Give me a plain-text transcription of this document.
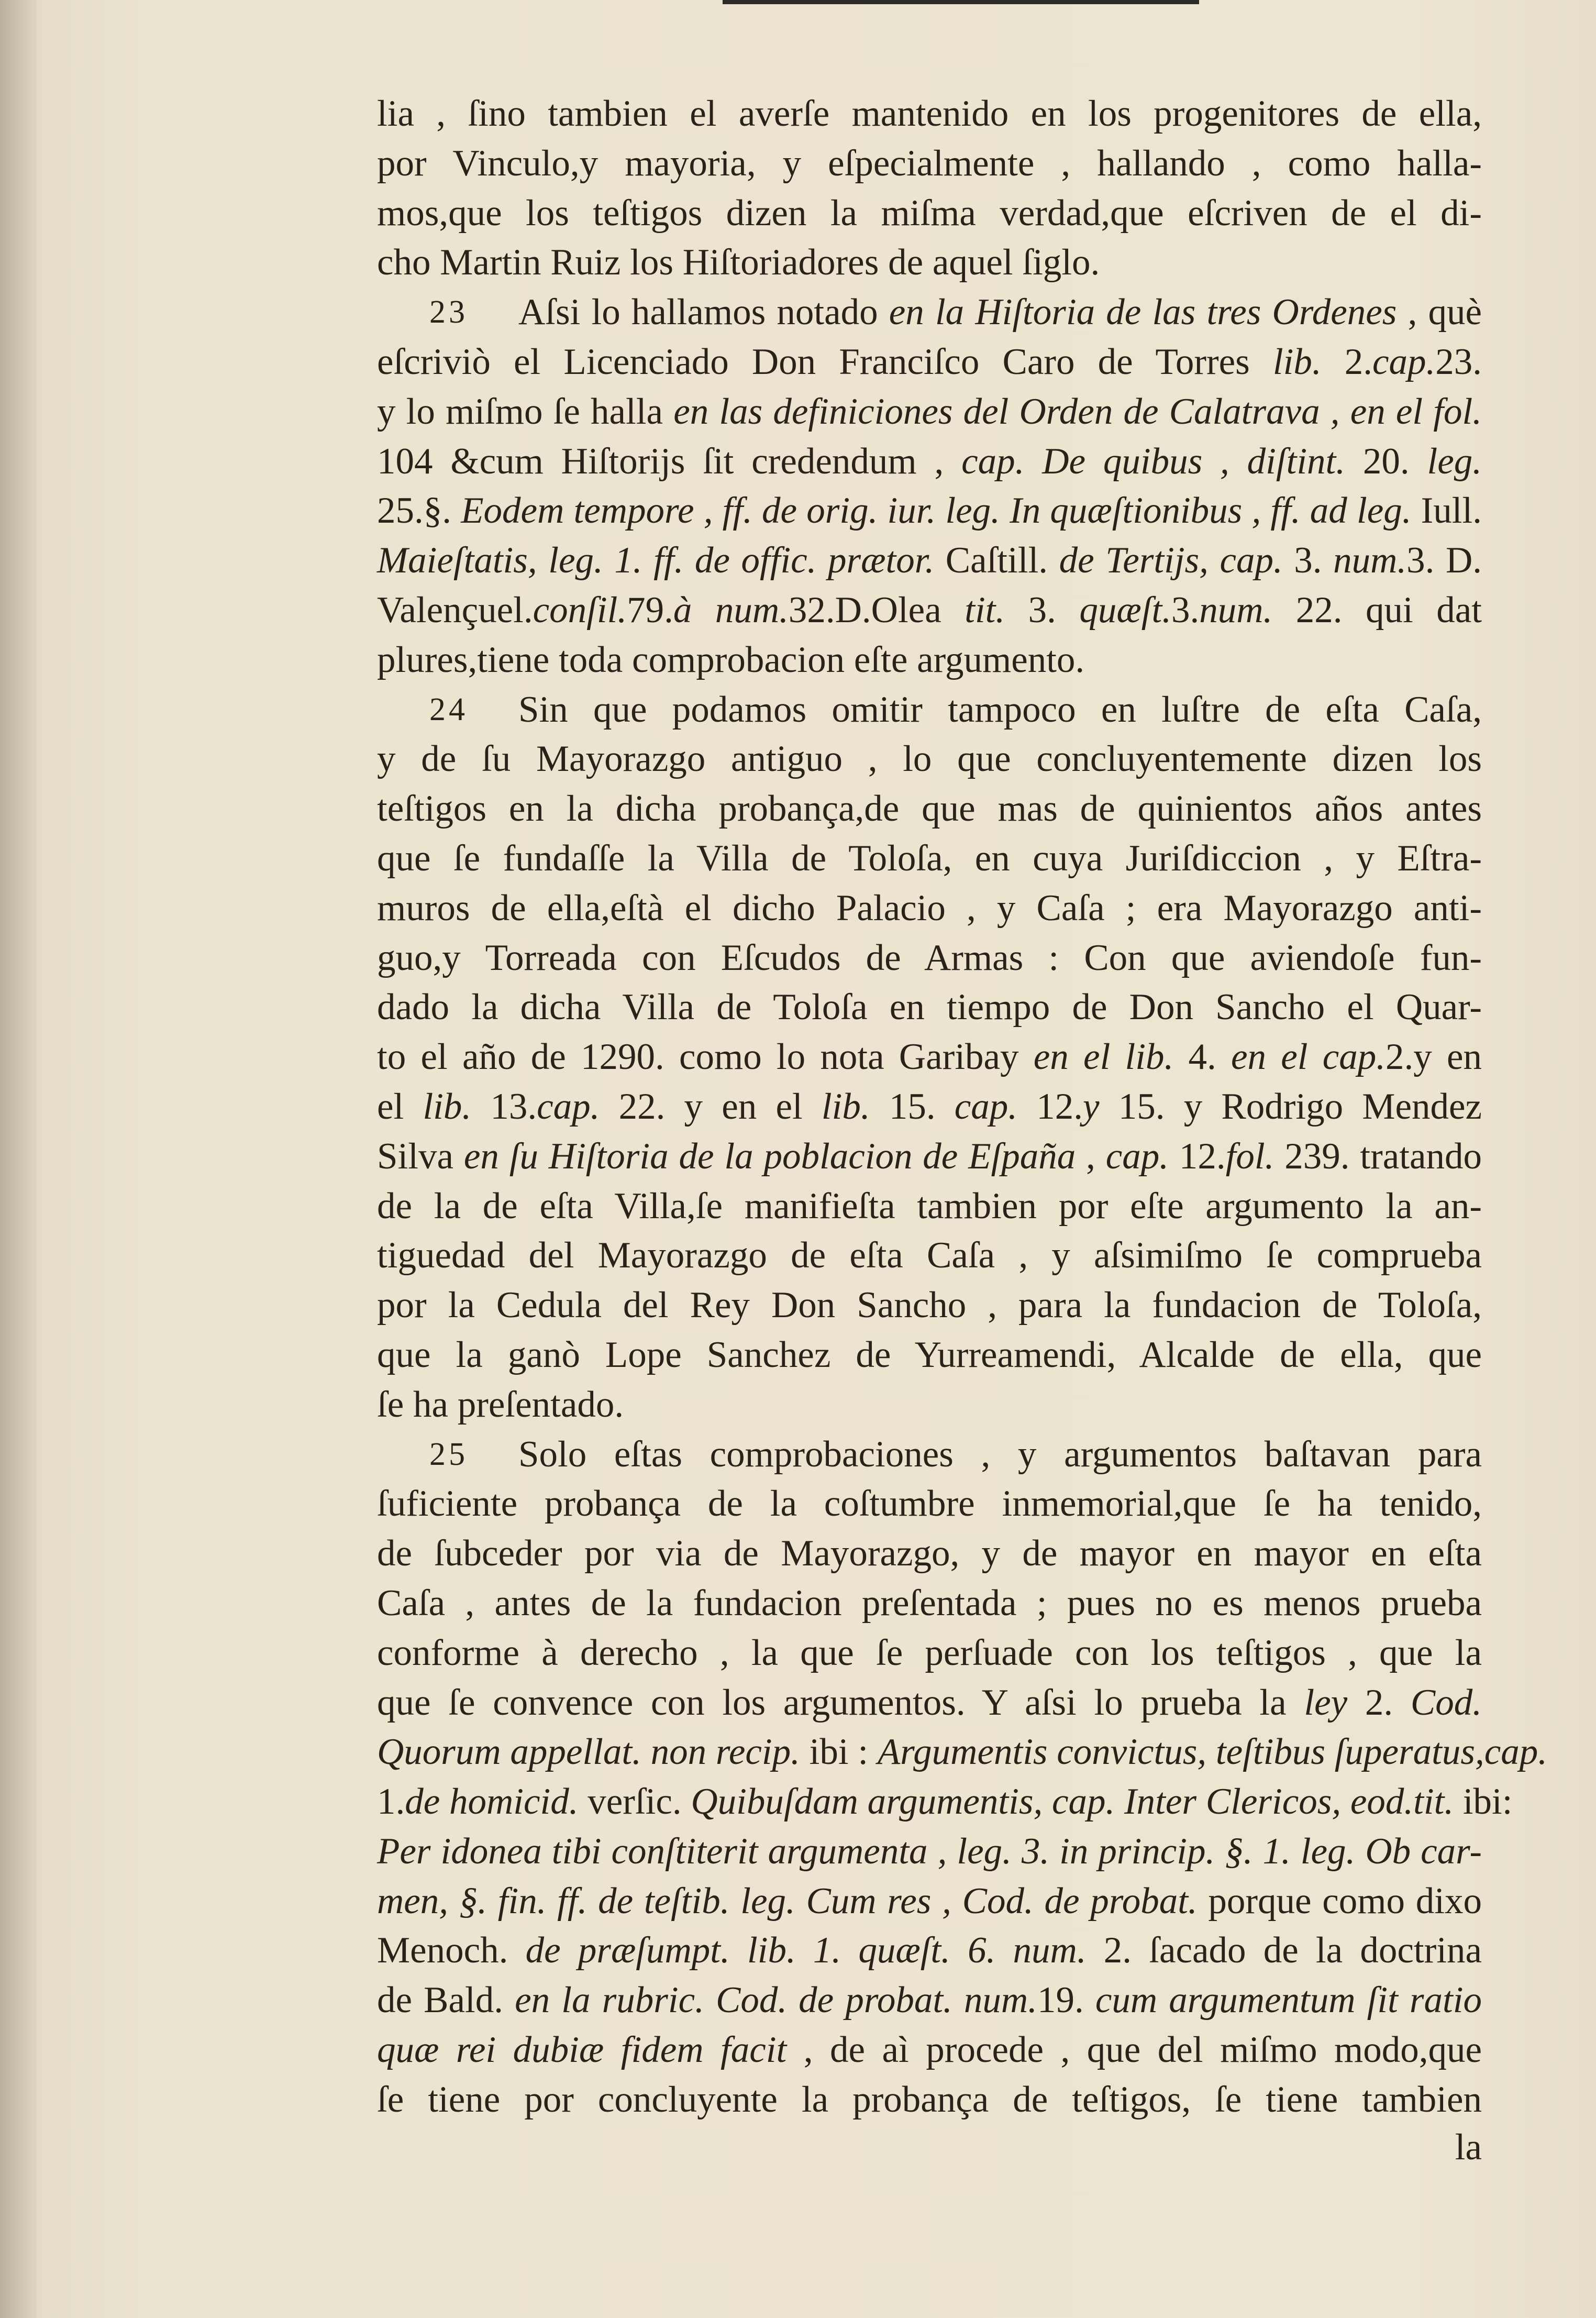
lia , ſino tambien el averſe mantenido en los progenitores de ella,
por Vinculo,y mayoria, y eſpecialmente , hallando , como halla-
mos,que los teſtigos dizen la miſma verdad,que eſcriven de el di-
cho Martin Ruiz los Hiſtoriadores de aquel ſiglo.
23 Aſsi lo hallamos notado en la Hiſtoria de las tres Ordenes , què
eſcriviò el Licenciado Don Franciſco Caro de Torres lib. 2.cap.23.
y lo miſmo ſe halla en las definiciones del Orden de Calatrava , en el fol.
104 &cum Hiſtorijs ſit credendum , cap. De quibus , diſtint. 20. leg.
25.§. Eodem tempore , ff. de orig. iur. leg. In quæſtionibus , ff. ad leg. Iull.
Maieſtatis, leg. 1. ff. de offic. prætor. Caſtill. de Tertijs, cap. 3. num.3. D.
Valençuel.conſil.79.à num.32.D.Olea tit. 3. quæſt.3.num. 22. qui dat
plures,tiene toda comprobacion eſte argumento.
24 Sin que podamos omitir tampoco en luſtre de eſta Caſa,
y de ſu Mayorazgo antiguo , lo que concluyentemente dizen los
teſtigos en la dicha probança,de que mas de quinientos años antes
que ſe fundaſſe la Villa de Toloſa, en cuya Juriſdiccion , y Eſtra-
muros de ella,eſtà el dicho Palacio , y Caſa ; era Mayorazgo anti-
guo,y Torreada con Eſcudos de Armas : Con que aviendoſe fun-
dado la dicha Villa de Toloſa en tiempo de Don Sancho el Quar-
to el año de 1290. como lo nota Garibay en el lib. 4. en el cap.2.y en
el lib. 13.cap. 22. y en el lib. 15. cap. 12.y 15. y Rodrigo Mendez
Silva en ſu Hiſtoria de la poblacion de Eſpaña , cap. 12.fol. 239. tratando
de la de eſta Villa,ſe manifieſta tambien por eſte argumento la an-
tiguedad del Mayorazgo de eſta Caſa , y aſsimiſmo ſe comprueba
por la Cedula del Rey Don Sancho , para la fundacion de Toloſa,
que la ganò Lope Sanchez de Yurreamendi, Alcalde de ella, que
ſe ha preſentado.
25 Solo eſtas comprobaciones , y argumentos baſtavan para
ſuficiente probança de la coſtumbre inmemorial,que ſe ha tenido,
de ſubceder por via de Mayorazgo, y de mayor en mayor en eſta
Caſa , antes de la fundacion preſentada ; pues no es menos prueba
conforme à derecho , la que ſe perſuade con los teſtigos , que la
que ſe convence con los argumentos. Y aſsi lo prueba la ley 2. Cod.
Quorum appellat. non recip. ibi : Argumentis convictus, teſtibus ſuperatus,cap.
1.de homicid. verſic. Quibuſdam argumentis, cap. Inter Clericos, eod.tit. ibi:
Per idonea tibi conſtiterit argumenta , leg. 3. in princip. §. 1. leg. Ob car-
men, §. fin. ff. de teſtib. leg. Cum res , Cod. de probat. porque como dixo
Menoch. de præſumpt. lib. 1. quæſt. 6. num. 2. ſacado de la doctrina
de Bald. en la rubric. Cod. de probat. num.19. cum argumentum ſit ratio
quæ rei dubiæ fidem facit , de aì procede , que del miſmo modo,que
ſe tiene por concluyente la probança de teſtigos, ſe tiene tambien
la
